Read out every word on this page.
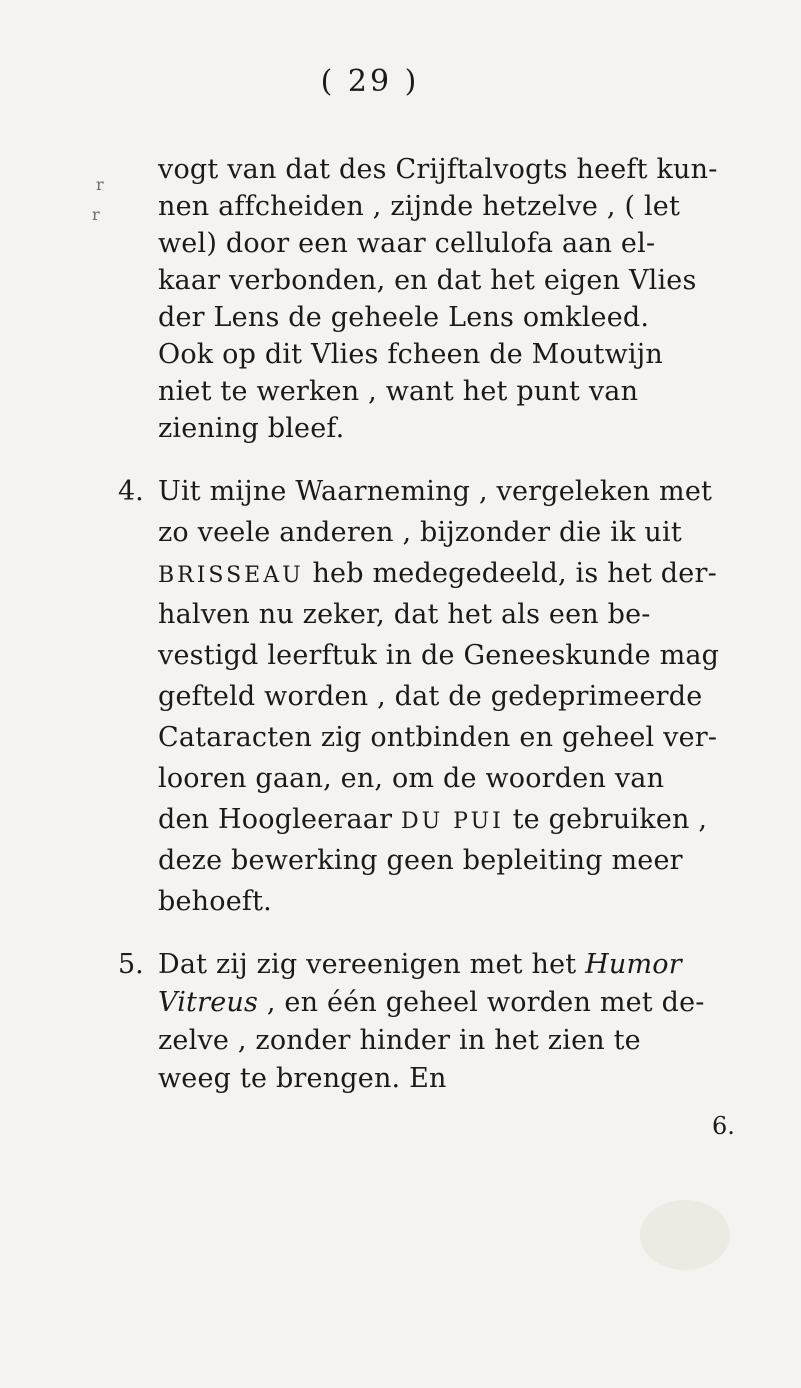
( 29 )
r
r
vogt van dat des Crijftalvogts heeft kun-
nen affcheiden , zijnde hetzelve , ( let
wel) door een waar cellulofa aan el-
kaar verbonden, en dat het eigen Vlies
der Lens de geheele Lens omkleed.
Ook op dit Vlies fcheen de Moutwijn
niet te werken , want het punt van
ziening bleef.
4. Uit mijne Waarneming , vergeleken met
zo veele anderen , bijzonder die ik uit
BRISSEAU heb medegedeeld, is het der-
halven nu zeker, dat het als een be-
vestigd leerftuk in de Geneeskunde mag
gefteld worden , dat de gedeprimeerde
Cataracten zig ontbinden en geheel ver-
looren gaan, en, om de woorden van
den Hoogleeraar DU PUI te gebruiken ,
deze bewerking geen bepleiting meer
behoeft.
5. Dat zij zig vereenigen met het Humor
Vitreus , en één geheel worden met de-
zelve , zonder hinder in het zien te
weeg te brengen. En
6.
